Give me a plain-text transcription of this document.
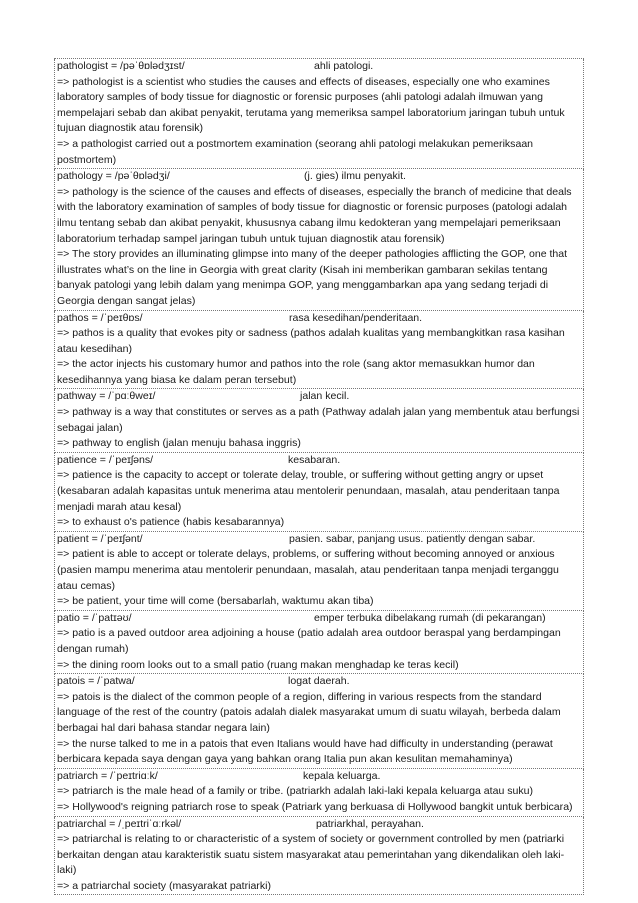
pathologist = /pəˈθɒlədʒɪst/	ahli patologi.
=> pathologist is a scientist who studies the causes and effects of diseases, especially one who examines laboratory samples of body tissue for diagnostic or forensic purposes (ahli patologi adalah ilmuwan yang mempelajari sebab dan akibat penyakit, terutama yang memeriksa sampel laboratorium jaringan tubuh untuk tujuan diagnostik atau forensik)
=> a pathologist carried out a postmortem examination (seorang ahli patologi melakukan pemeriksaan postmortem)
pathology = /pəˈθɒlədʒi/	(j. gies) ilmu penyakit.
=> pathology is the science of the causes and effects of diseases, especially the branch of medicine that deals with the laboratory examination of samples of body tissue for diagnostic or forensic purposes (patologi adalah ilmu tentang sebab dan akibat penyakit, khususnya cabang ilmu kedokteran yang mempelajari pemeriksaan laboratorium terhadap sampel jaringan tubuh untuk tujuan diagnostik atau forensik)
=> The story provides an illuminating glimpse into many of the deeper pathologies afflicting the GOP, one that illustrates what’s on the line in Georgia with great clarity (Kisah ini memberikan gambaran sekilas tentang banyak patologi yang lebih dalam yang menimpa GOP, yang menggambarkan apa yang sedang terjadi di Georgia dengan sangat jelas)
pathos = /ˈpeɪθɒs/	rasa kesedihan/penderitaan.
=> pathos is a quality that evokes pity or sadness (pathos adalah kualitas yang membangkitkan rasa kasihan atau kesedihan)
=> the actor injects his customary humor and pathos into the role (sang aktor memasukkan humor dan kesedihannya yang biasa ke dalam peran tersebut)
pathway = /ˈpɑːθweɪ/	jalan kecil.
=> pathway is a way that constitutes or serves as a path (Pathway adalah jalan yang membentuk atau berfungsi sebagai jalan)
=> pathway to english (jalan menuju bahasa inggris)
patience = /ˈpeɪʃəns/	kesabaran.
=> patience is the capacity to accept or tolerate delay, trouble, or suffering without getting angry or upset (kesabaran adalah kapasitas untuk menerima atau mentolerir penundaan, masalah, atau penderitaan tanpa menjadi marah atau kesal)
=> to exhaust o's patience (habis kesabarannya)
patient = /ˈpeɪʃənt/	pasien. sabar, panjang usus. patiently dengan sabar.
=> patient is able to accept or tolerate delays, problems, or suffering without becoming annoyed or anxious (pasien mampu menerima atau mentolerir penundaan, masalah, atau penderitaan tanpa menjadi terganggu atau cemas)
=> be patient, your time will come (bersabarlah, waktumu akan tiba)
patio = /ˈpatɪəʊ/	emper terbuka dibelakang rumah (di pekarangan)
=> patio is a paved outdoor area adjoining a house (patio adalah area outdoor beraspal yang berdampingan dengan rumah)
=> the dining room looks out to a small patio (ruang makan menghadap ke teras kecil)
patois = /ˈpatwa/	logat daerah.
=> patois is the dialect of the common people of a region, differing in various respects from the standard language of the rest of the country (patois adalah dialek masyarakat umum di suatu wilayah, berbeda dalam berbagai hal dari bahasa standar negara lain)
=> the nurse talked to me in a patois that even Italians would have had difficulty in understanding (perawat berbicara kepada saya dengan gaya yang bahkan orang Italia pun akan kesulitan memahaminya)
patriarch = /ˈpeɪtriɑːk/	kepala keluarga.
=> patriarch is the male head of a family or tribe. (patriarkh adalah laki-laki kepala keluarga atau suku)
=> Hollywood's reigning patriarch rose to speak (Patriark yang berkuasa di Hollywood bangkit untuk berbicara)
patriarchal = /ˌpeɪtriˈɑːrkəl/	patriarkhal, perayahan.
=> patriarchal is relating to or characteristic of a system of society or government controlled by men (patriarki berkaitan dengan atau karakteristik suatu sistem masyarakat atau pemerintahan yang dikendalikan oleh laki-laki)
=> a patriarchal society (masyarakat patriarki)
